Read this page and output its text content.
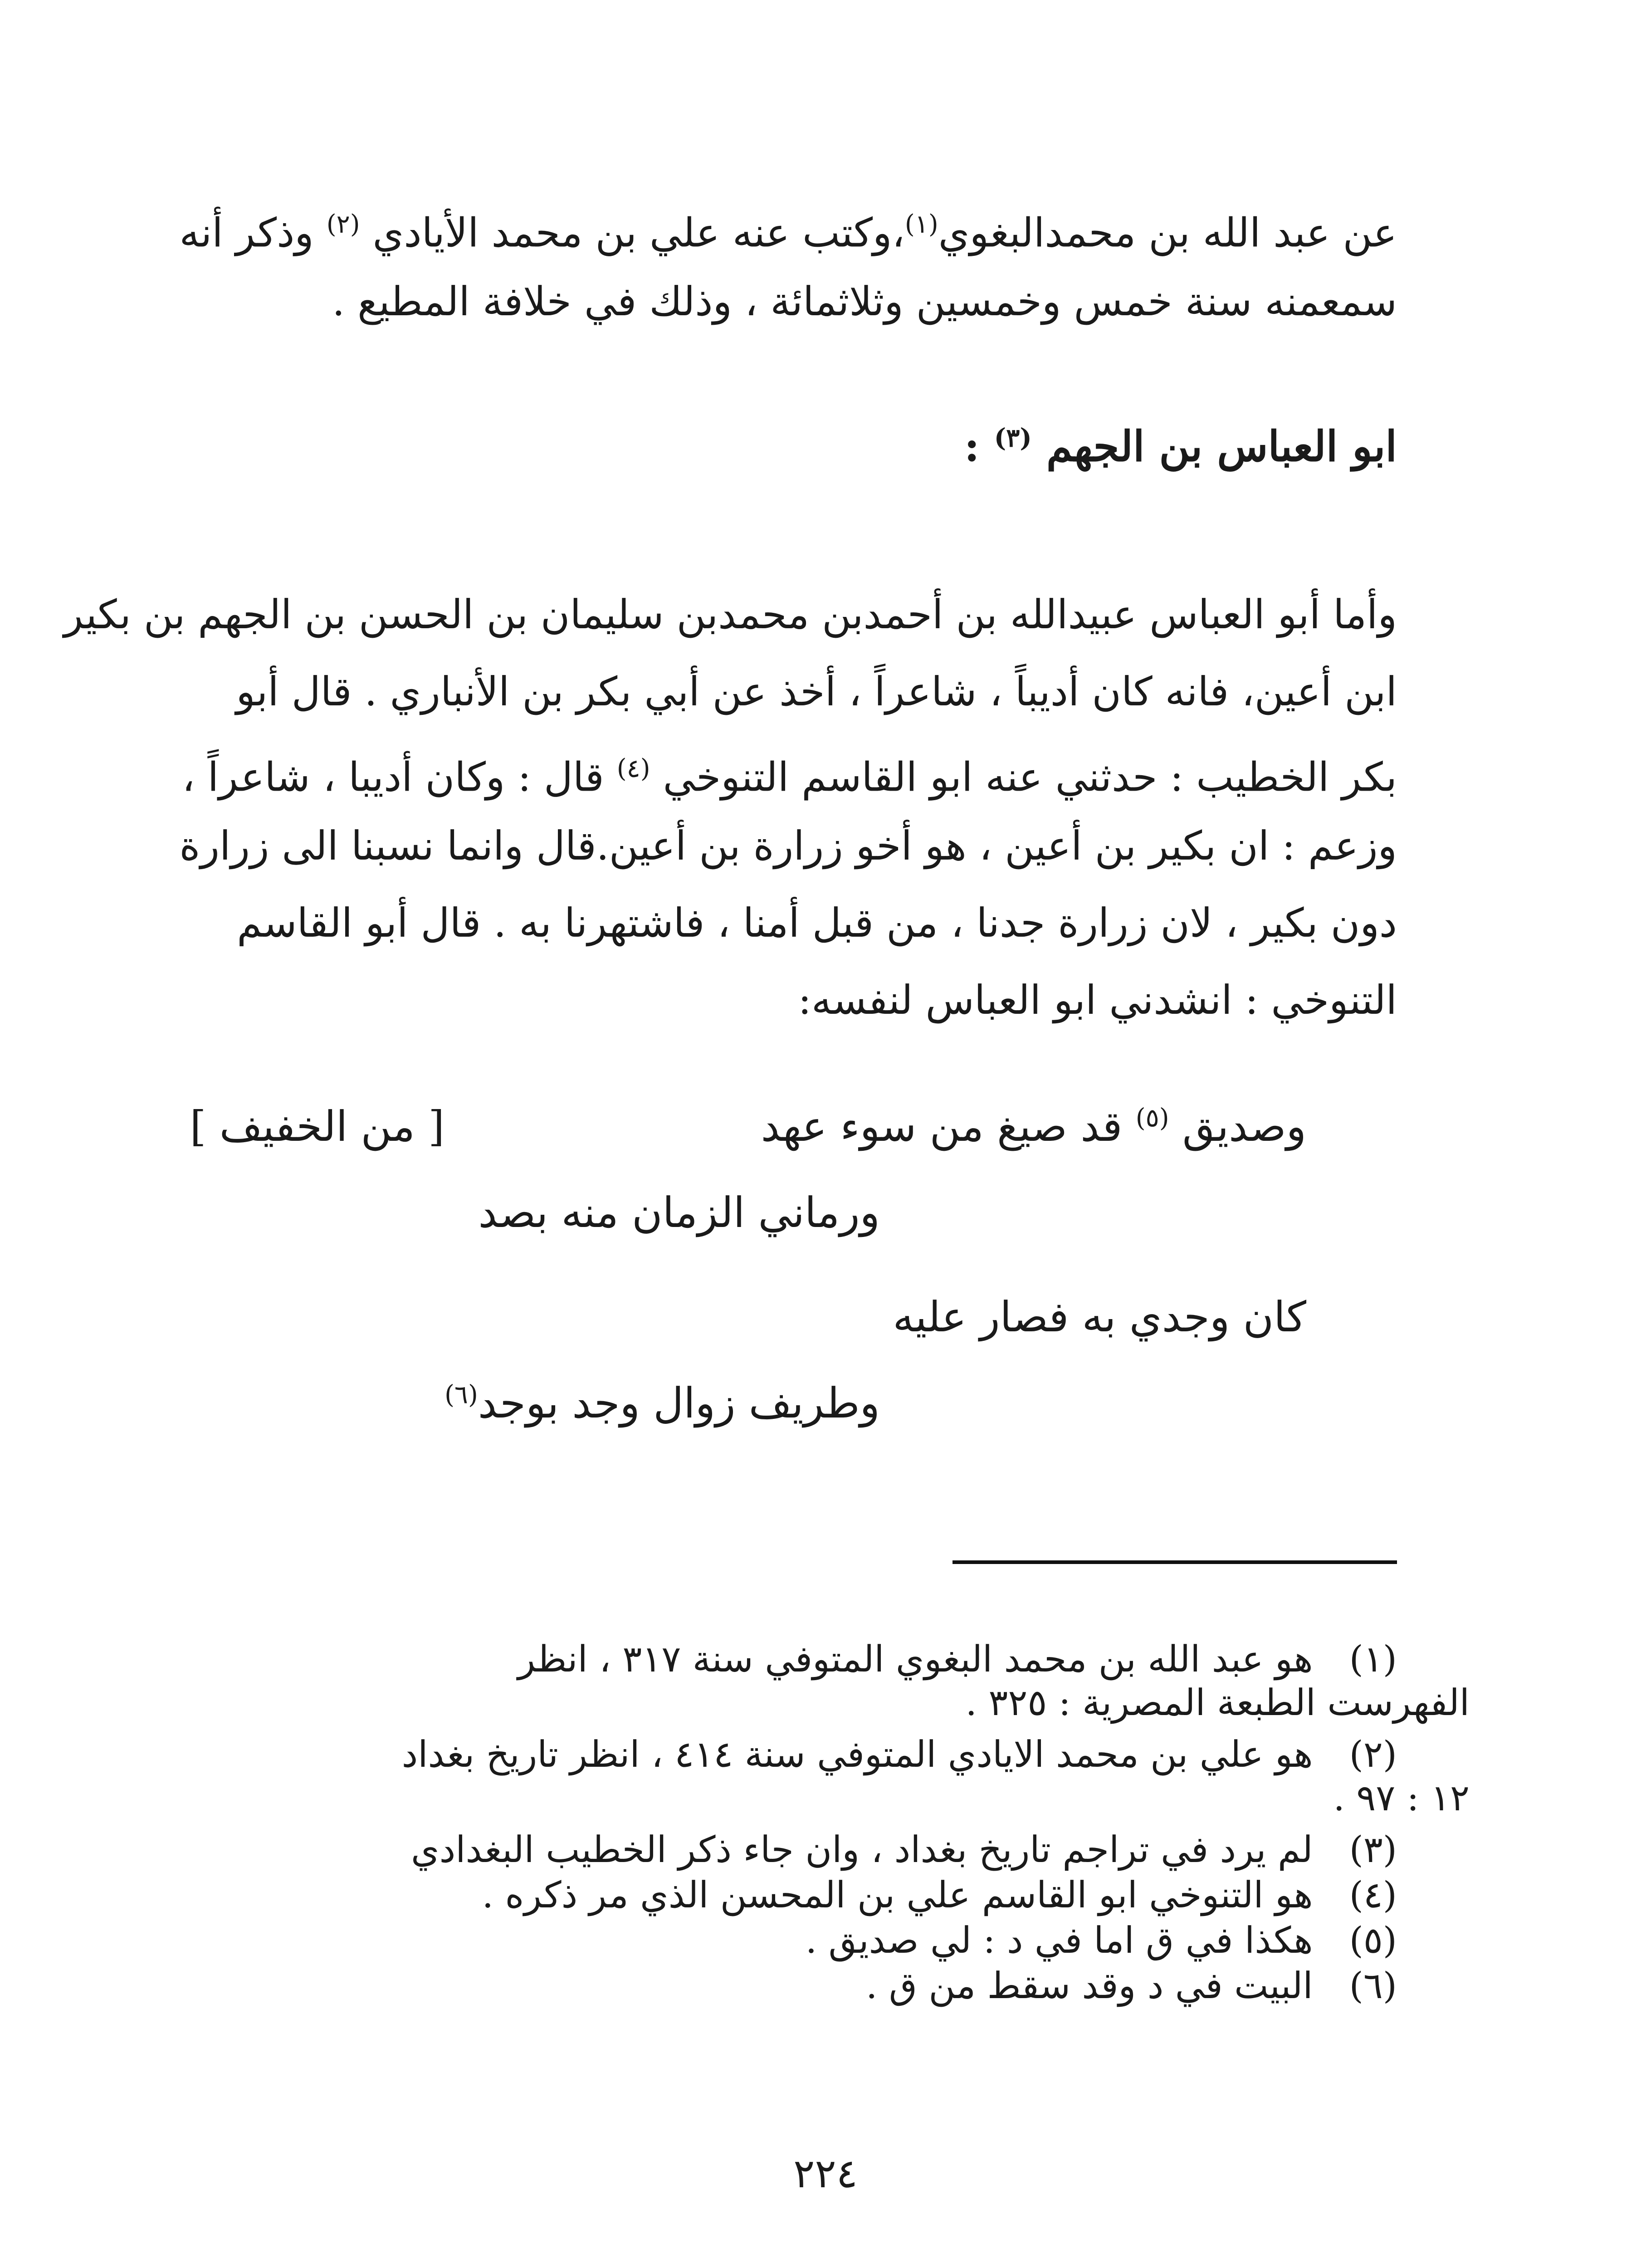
عن عبد الله بن محمدالبغوي$^{(١)}$،وكتب عنه علي بن محمد الأيادي $^{(٢)}$ وذكر أنه
سمعمنه سنة خمس وخمسين وثلاثمائة ، وذلك في خلافة المطيع .
ابو العباس بن الجهم $^{(٣)}$ :
وأما أبو العباس عبيدالله بن أحمدبن محمدبن سليمان بن الحسن بن الجهم بن بكير
ابن أعين، فانه كان أديباً ، شاعراً ، أخذ عن أبي بكر بن الأنباري . قال أبو
بكر الخطيب : حدثني عنه ابو القاسم التنوخي $^{(٤)}$ قال : وكان أديبا ، شاعراً ،
وزعم : ان بكير بن أعين ، هو أخو زرارة بن أعين.قال وانما نسبنا الى زرارة
دون بكير ، لان زرارة جدنا ، من قبل أمنا ، فاشتهرنا به . قال أبو القاسم
التنوخي : انشدني ابو العباس لنفسه:
[ من الخفيف ]	وصديق $^{(٥)}$ قد صيغ من سوء عهد
ورماني الزمان منه بصد
كان وجدي به فصار عليه
وطريف زوال وجد بوجد$^{(٦)}$
(١) هو عبد الله بن محمد البغوي المتوفي سنة ٣١٧ ، انظر
الفهرست الطبعة المصرية : ٣٢٥ .
(٢) هو علي بن محمد الايادي المتوفي سنة ٤١٤ ، انظر تاريخ بغداد
١٢ : ٩٧ .
(٣) لم يرد في تراجم تاريخ بغداد ، وان جاء ذكر الخطيب البغدادي
(٤) هو التنوخي ابو القاسم علي بن المحسن الذي مر ذكره .
(٥) هكذا في ق اما في د : لي صديق .
(٦) البيت في د وقد سقط من ق .
٢٢٤
